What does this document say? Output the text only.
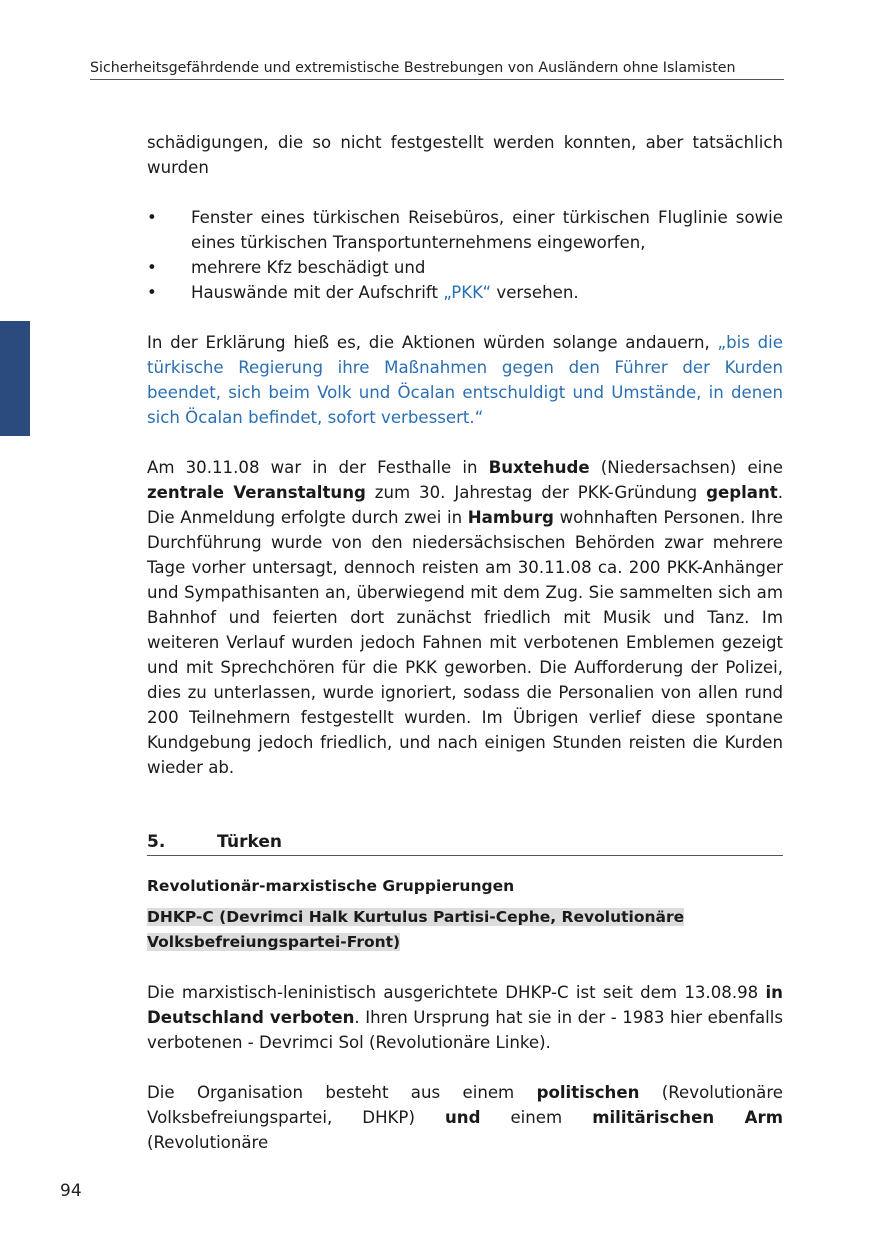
Sicherheitsgefährdende und extremistische Bestrebungen von Ausländern ohne Islamisten

schädigungen, die so nicht festgestellt werden konnten, aber tatsächlich wurden

• Fenster eines türkischen Reisebüros, einer türkischen Fluglinie sowie eines türkischen Transportunternehmens eingeworfen,
• mehrere Kfz beschädigt und
• Hauswände mit der Aufschrift „PKK“ versehen.

In der Erklärung hieß es, die Aktionen würden solange andauern, „bis die türkische Regierung ihre Maßnahmen gegen den Führer der Kurden beendet, sich beim Volk und Öcalan entschuldigt und Umstände, in denen sich Öcalan befindet, sofort verbessert.“

Am 30.11.08 war in der Festhalle in Buxtehude (Niedersachsen) eine zentrale Veranstaltung zum 30. Jahrestag der PKK-Gründung geplant. Die Anmeldung erfolgte durch zwei in Hamburg wohnhaften Personen. Ihre Durchführung wurde von den niedersächsischen Behörden zwar mehrere Tage vorher untersagt, dennoch reisten am 30.11.08 ca. 200 PKK-Anhänger und Sympathisanten an, überwiegend mit dem Zug. Sie sammelten sich am Bahnhof und feierten dort zunächst friedlich mit Musik und Tanz. Im weiteren Verlauf wurden jedoch Fahnen mit verbotenen Emblemen gezeigt und mit Sprechchören für die PKK geworben. Die Aufforderung der Polizei, dies zu unterlassen, wurde ignoriert, sodass die Personalien von allen rund 200 Teilnehmern festgestellt wurden. Im Übrigen verlief diese spontane Kundgebung jedoch friedlich, und nach einigen Stunden reisten die Kurden wieder ab.

5.	Türken
Revolutionär-marxistische Gruppierungen
DHKP-C (Devrimci Halk Kurtulus Partisi-Cephe, Revolutionäre Volksbefreiungspartei-Front)

Die marxistisch-leninistisch ausgerichtete DHKP-C ist seit dem 13.08.98 in Deutschland verboten. Ihren Ursprung hat sie in der - 1983 hier ebenfalls verbotenen - Devrimci Sol (Revolutionäre Linke).

Die Organisation besteht aus einem politischen (Revolutionäre Volksbefreiungspartei, DHKP) und einem militärischen Arm (Revolutionäre

94
